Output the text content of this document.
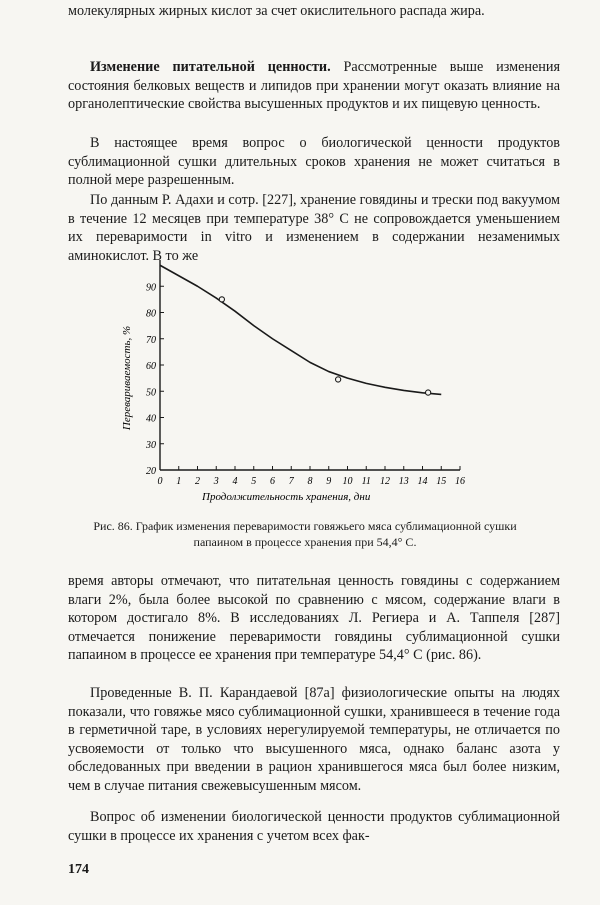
молекулярных жирных кислот за счет окислительного распада жира.

Изменение питательной ценности. Рассмотренные выше изменения состояния белковых веществ и липидов при хранении могут оказать влияние на органолептические свойства высушенных продуктов и их пищевую ценность.

В настоящее время вопрос о биологической ценности продуктов сублимационной сушки длительных сроков хранения не может считаться в полной мере разрешенным.

По данным Р. Адахи и сотр. [227], хранение говядины и трески под вакуумом в течение 12 месяцев при температуре 38° С не сопровождается уменьшением их переваримости in vitro и изменением в содержании незаменимых аминокислот. В то же

20
30
40
50
60
70
80
90
0 1 2 3 4 5 6 7 8 9 10 11 12 13 14 15 16
Перевариваемость, %
Продолжительность хранения, дни

Рис. 86. График изменения переваримости говяжьего мяса сублимационной сушки папаином в процессе хранения при 54,4° С.

время авторы отмечают, что питательная ценность говядины с содержанием влаги 2%, была более высокой по сравнению с мясом, содержание влаги в котором достигало 8%. В исследованиях Л. Региера и А. Таппеля [287] отмечается понижение переваримости говядины сублимационной сушки папаином в процессе ее хранения при температуре 54,4° С (рис. 86).

Проведенные В. П. Карандаевой [87а] физиологические опыты на людях показали, что говяжье мясо сублимационной сушки, хранившееся в течение года в герметичной таре, в условиях нерегулируемой температуры, не отличается по усвояемости от только что высушенного мяса, однако баланс азота у обследованных при введении в рацион хранившегося мяса был более низким, чем в случае питания свежевысушенным мясом.

Вопрос об изменении биологической ценности продуктов сублимационной сушки в процессе их хранения с учетом всех фак-

174
